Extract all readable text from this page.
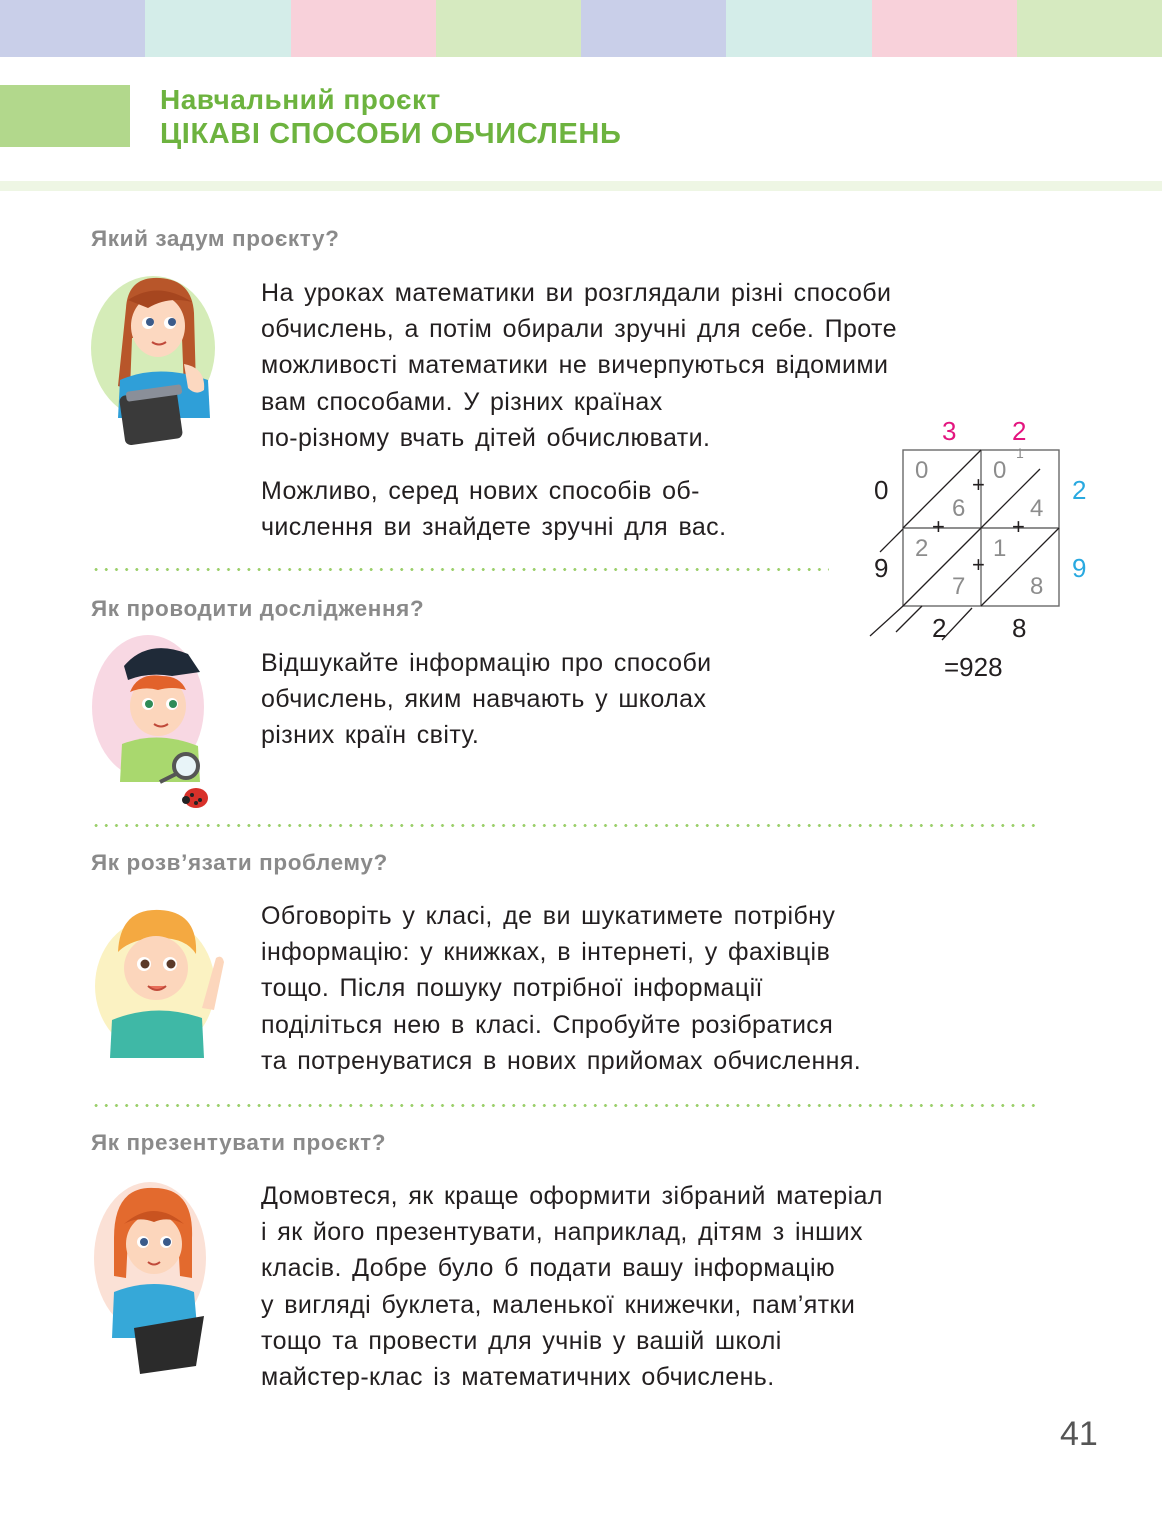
Навчальний проєкт
ЦІКАВІ СПОСОБИ ОБЧИСЛЕНЬ
Який задум проєкту?
На уроках математики ви розглядали різні способи
обчислень, а потім обирали зручні для себе. Проте
можливості математики не вичерпуються відомими
вам способами. У різних країнах
по-різному вчать дітей обчислювати.
Можливо, серед нових способів об-
числення ви знайдете зручні для вас.
3 2
0
6
0
4
2
7
1
8
1
+
+	+
+
2
9
0
9
2	8
=928
Як проводити дослідження?
Відшукайте інформацію про способи
обчислень, яким навчають у школах
різних країн світу.
Як розв’язати проблему?
Обговоріть у класі, де ви шукатимете потрібну
інформацію: у книжках, в інтернеті, у фахівців
тощо. Після пошуку потрібної інформації
поділіться нею в класі. Спробуйте розібратися
та потренуватися в нових прийомах обчислення.
Як презентувати проєкт?
Домовтеся, як краще оформити зібраний матеріал
і як його презентувати, наприклад, дітям з інших
класів. Добре було б подати вашу інформацію
у вигляді буклета, маленької книжечки, пам’ятки
тощо та провести для учнів у вашій школі
майстер-клас із математичних обчислень.
41
